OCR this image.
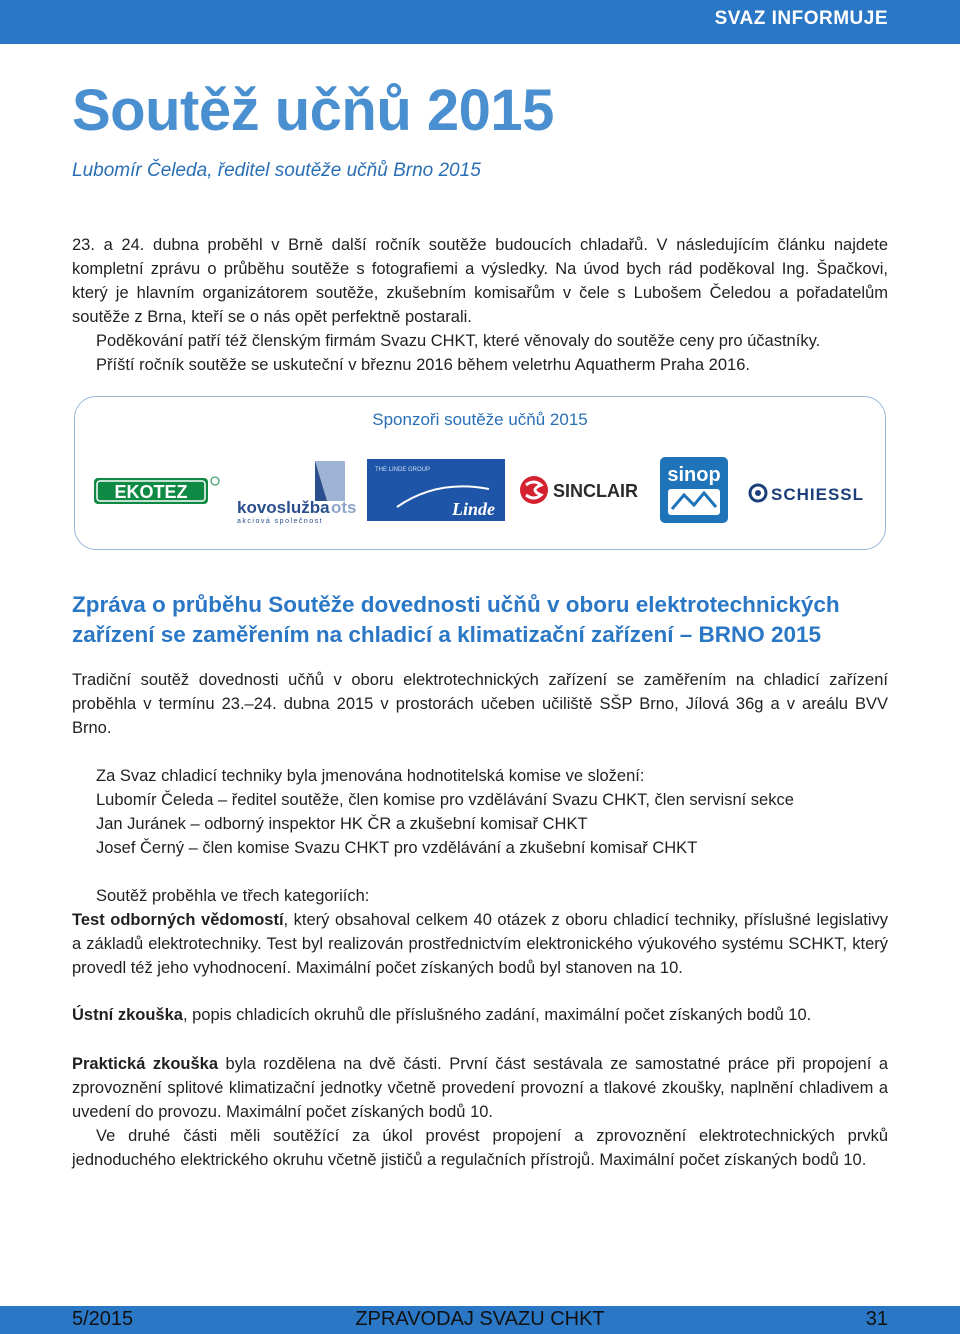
SVAZ INFORMUJE
Soutěž učňů 2015

Lubomír Čeleda, ředitel soutěže učňů Brno 2015

23. a 24. dubna proběhl v Brně další ročník soutěže budoucích chladařů. V následujícím článku najdete kompletní zprávu o průběhu soutěže s fotografiemi a výsledky. Na úvod bych rád poděkoval Ing. Špačkovi, který je hlavním organizátorem soutěže, zkušebním komisařům v čele s Lubošem Čeledou a pořadatelům soutěže z Brna, kteří se o nás opět perfektně postarali.

Poděkování patří též členským firmám Svazu CHKT, které věnovaly do soutěže ceny pro účastníky.

Příští ročník soutěže se uskuteční v březnu 2016 během veletrhu Aquatherm Praha 2016.

Sponzoři soutěže učňů 2015
EKOTEZ
kovoslužba ots
akciová společnost
THE LINDE GROUP
Linde
SINCLAIR
sinop
SCHIESSL
Zpráva o průběhu Soutěže dovednosti učňů v oboru elektrotechnických zařízení se zaměřením na chladicí a klimatizační zařízení – BRNO 2015

Tradiční soutěž dovednosti učňů v oboru elektrotechnických zařízení se zaměřením na chladicí zařízení proběhla v termínu 23.–24. dubna 2015 v prostorách učeben učiliště SŠP Brno, Jílová 36g a v areálu BVV Brno.

Za Svaz chladicí techniky byla jmenována hodnotitelská komise ve složení:

Lubomír Čeleda – ředitel soutěže, člen komise pro vzdělávání Svazu CHKT, člen servisní sekce

Jan Juránek – odborný inspektor HK ČR a zkušební komisař CHKT

Josef Černý – člen komise Svazu CHKT pro vzdělávání a zkušební komisař CHKT

Soutěž proběhla ve třech kategoriích:

Test odborných vědomostí, který obsahoval celkem 40 otázek z oboru chladicí techniky, příslušné legislativy a základů elektrotechniky. Test byl realizován prostřednictvím elektronického výukového systému SCHKT, který provedl též jeho vyhodnocení. Maximální počet získaných bodů byl stanoven na 10.

Ústní zkouška, popis chladicích okruhů dle příslušného zadání, maximální počet získaných bodů 10.

Praktická zkouška byla rozdělena na dvě části. První část sestávala ze samostatné práce při propojení a zprovoznění splitové klimatizační jednotky včetně provedení provozní a tlakové zkoušky, naplnění chladivem a uvedení do provozu. Maximální počet získaných bodů 10.

Ve druhé části měli soutěžící za úkol provést propojení a zprovoznění elektrotechnických prvků jednoduchého elektrického okruhu včetně jističů a regulačních přístrojů. Maximální počet získaných bodů 10.

5/2015	ZPRAVODAJ SVAZU CHKT	31
